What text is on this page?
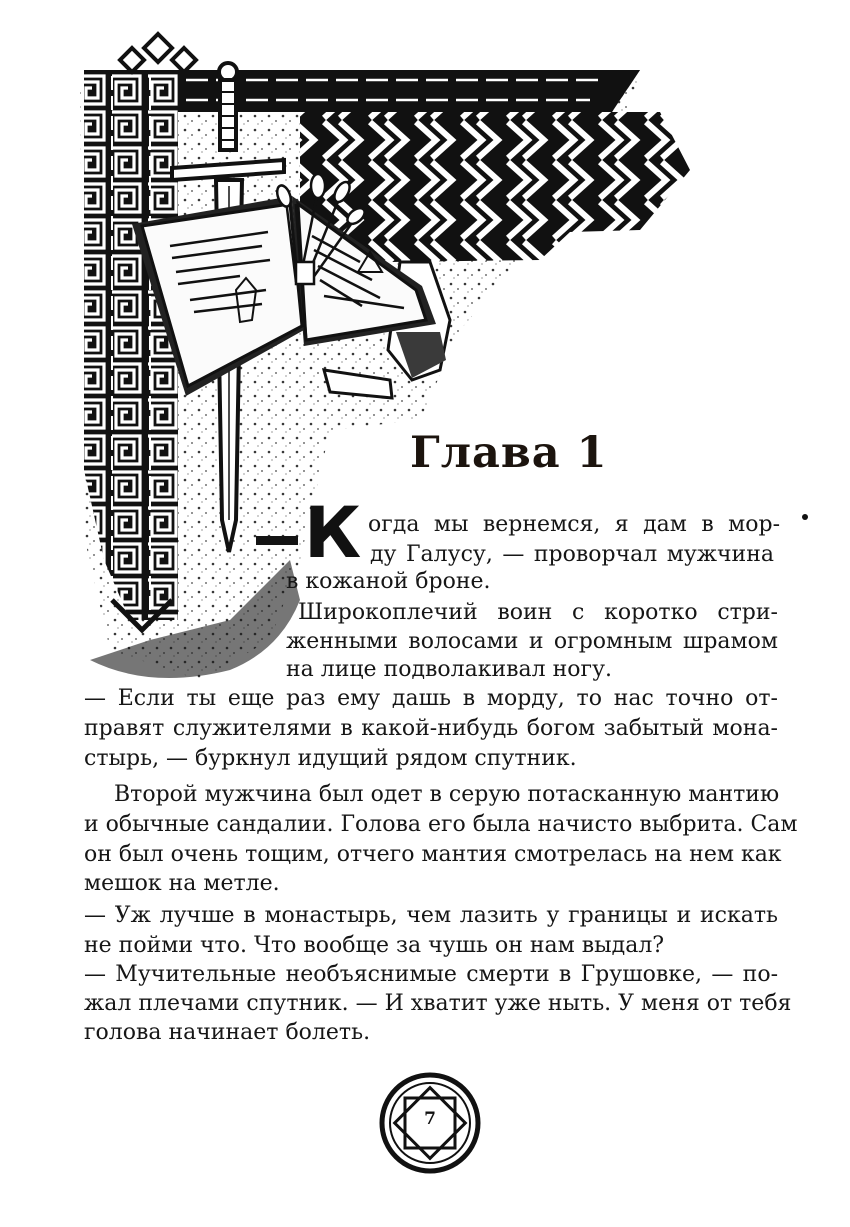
Глава 1
К огда мы вернемся, я дам в мор-
ду Галусу, — проворчал мужчина
в кожаной броне.
Широкоплечий воин с коротко стри-
женными волосами и огромным шрамом
на лице подволакивал ногу.
— Если ты еще раз ему дашь в морду, то нас точно от-
правят служителями в какой-нибудь богом забытый мона-
стырь, — буркнул идущий рядом спутник.
Второй мужчина был одет в серую потасканную мантию
и обычные сандалии. Голова его была начисто выбрита. Сам
он был очень тощим, отчего мантия смотрелась на нем как
мешок на метле.
— Уж лучше в монастырь, чем лазить у границы и искать
не пойми что. Что вообще за чушь он нам выдал?
— Мучительные необъяснимые смерти в Грушовке, — по-
жал плечами спутник. — И хватит уже ныть. У меня от тебя
голова начинает болеть.
7
